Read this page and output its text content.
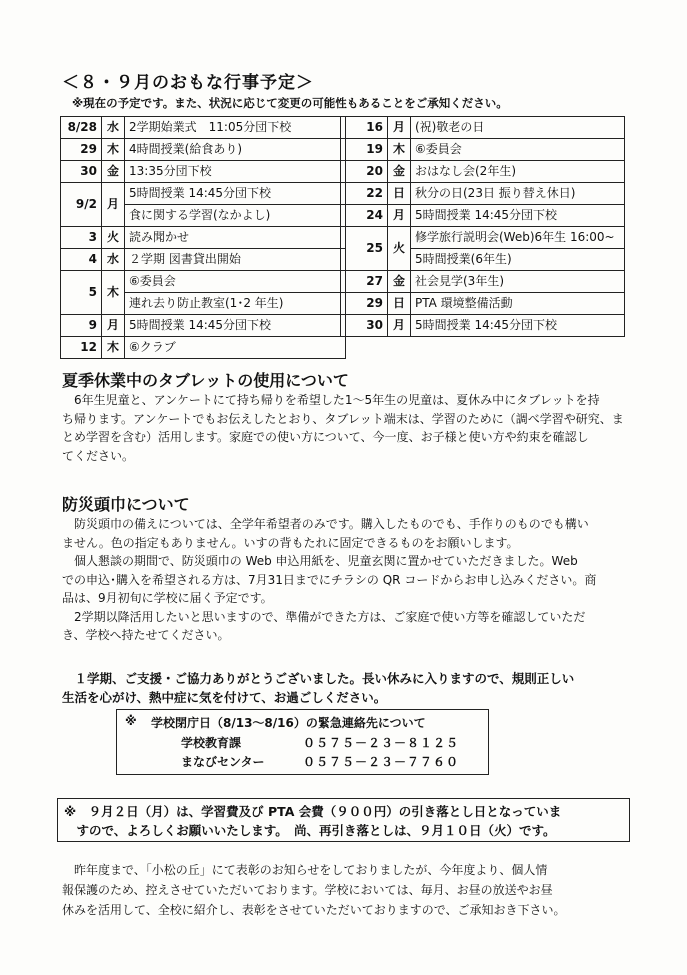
＜８・９月のおもな行事予定＞
※現在の予定です。また、状況に応じて変更の可能性もあることをご承知ください。
8/28	水	2学期始業式　11:05分団下校
29	木	4時間授業(給食あり)
30	金	13:35分団下校
9/2	月	5時間授業 14:45分団下校
		食に関する学習(なかよし)
3	火	読み聞かせ
4	水	２学期 図書貸出開始
5	木	⑥委員会
		連れ去り防止教室(1･2 年生)
9	月	5時間授業 14:45分団下校
12	木	⑥クラブ
16	月	(祝)敬老の日
19	木	⑥委員会
20	金	おはなし会(2年生)
22	日	秋分の日(23日 振り替え休日)
24	月	5時間授業 14:45分団下校
25	火	修学旅行説明会(Web)6年生 16:00~
		5時間授業(6年生)
27	金	社会見学(3年生)
29	日	PTA 環境整備活動
30	月	5時間授業 14:45分団下校
夏季休業中のタブレットの使用について
　6年生児童と、アンケートにて持ち帰りを希望した1～5年生の児童は、夏休み中にタブレットを持
ち帰ります。アンケートでもお伝えしたとおり、タブレット端末は、学習のために（調べ学習や研究、ま
とめ学習を含む）活用します。家庭での使い方について、今一度、お子様と使い方や約束を確認し
てください。
防災頭巾について
　防災頭巾の備えについては、全学年希望者のみです。購入したものでも、手作りのものでも構い
ません。色の指定もありません。いすの背もたれに固定できるものをお願いします。
　個人懇談の期間で、防災頭巾の Web 申込用紙を、児童玄関に置かせていただきました。Web
での申込･購入を希望される方は、7月31日までにチラシの QR コードからお申し込みください。商
品は、9月初旬に学校に届く予定です。
　2学期以降活用したいと思いますので、準備ができた方は、ご家庭で使い方等を確認していただ
き、学校へ持たせてください。
　１学期、ご支援・ご協力ありがとうございました。長い休みに入りますので、規則正しい
生活を心がけ、熱中症に気を付けて、お過ごしください。
※ 学校閉庁日（8/13～8/16）の緊急連絡先について
学校教育課	０５７５－２３－８１２５
まなびセンター	０５７５－２３－７７６０
※　９月２日（月）は、学習費及び PTA 会費（９００円）の引き落とし日となっていま
　すので、よろしくお願いいたします。　尚、再引き落としは、９月１０日（火）です。
　昨年度まで、「小松の丘」にて表彰のお知らせをしておりましたが、今年度より、個人情
報保護のため、控えさせていただいております。学校においては、毎月、お昼の放送やお昼
休みを活用して、全校に紹介し、表彰をさせていただいておりますので、ご承知おき下さい。
